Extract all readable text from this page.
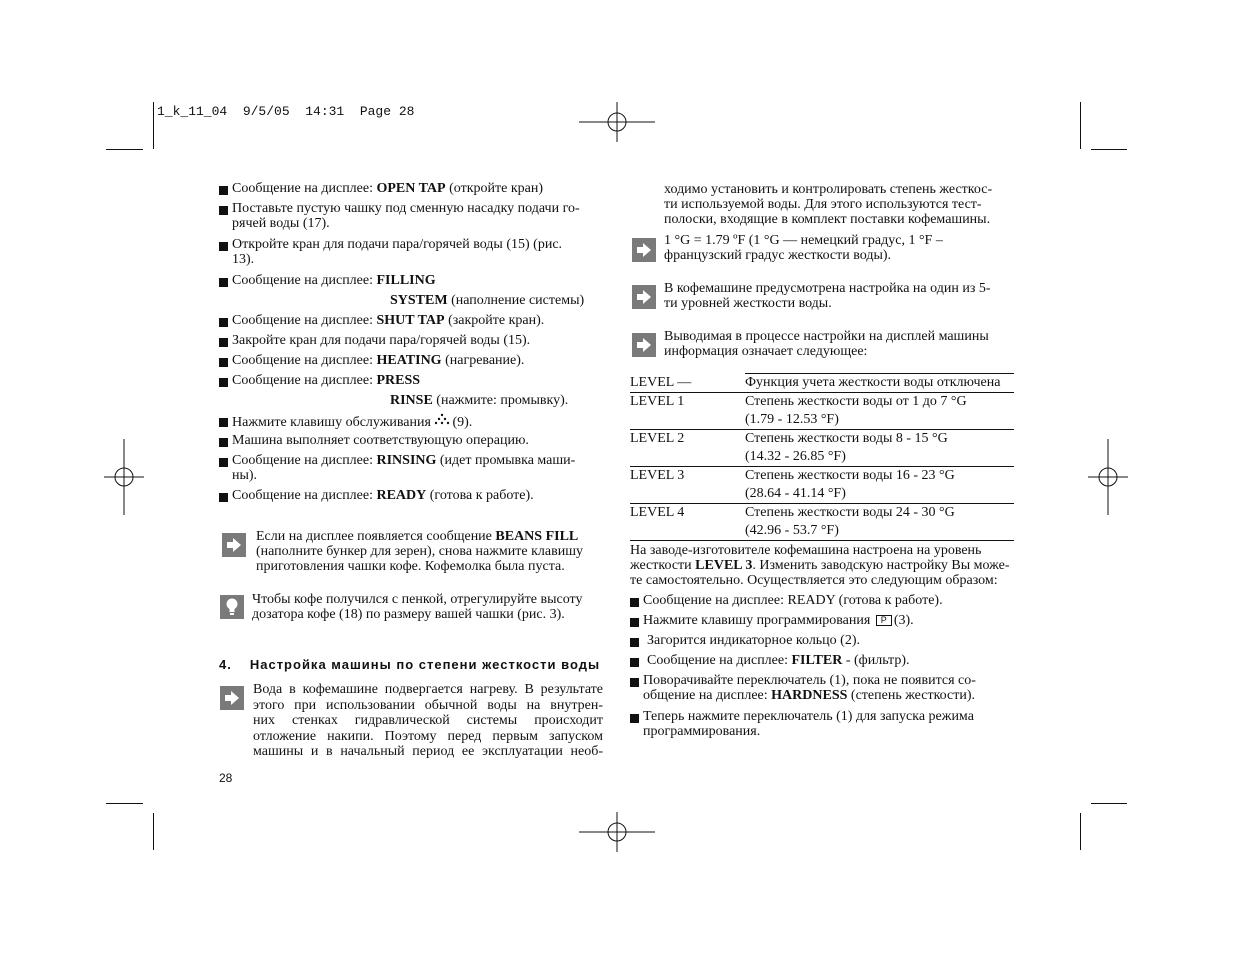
1_k_11_04  9/5/05  14:31  Page 28
Сообщение на дисплее: OPEN TAP (откройте кран)
Поставьте пустую чашку под сменную насадку подачи го-
рячей воды (17).
Откройте кран для подачи пара/горячей воды (15) (рис.
13).
Сообщение на дисплее: FILLING
SYSTEM (наполнение системы)
Сообщение на дисплее: SHUT TAP (закройте кран).
Закройте кран для подачи пара/горячей воды (15).
Сообщение на дисплее: HEATING (нагревание).
Сообщение на дисплее: PRESS
RINSE (нажмите: промывку).
Нажмите клавишу обслуживания (9).
Машина выполняет соответствующую операцию.
Сообщение на дисплее: RINSING (идет промывка маши-
ны).
Сообщение на дисплее: READY (готова к работе).
Если на дисплее появляется сообщение BEANS FILL
(наполните бункер для зерен), снова нажмите клавишу
приготовления чашки кофе. Кофемолка была пуста.
Чтобы кофе получился с пенкой, отрегулируйте высоту
дозатора кофе (18) по размеру вашей чашки (рис. 3).
4. Настройка машины по степени жесткости воды
Вода в кофемашине подвергается нагреву. В результате
этого при использовании обычной воды на внутрен-
них стенках гидравлической системы происходит
отложение накипи. Поэтому перед первым запуском
машины и в начальный период ее эксплуатации необ-
28
ходимо установить и контролировать степень жесткос-
ти используемой воды. Для этого используются тест-
полоски, входящие в комплект поставки кофемашины.
1 °G = 1.79 ºF (1 °G — немецкий градус, 1 °F –
французский градус жесткости воды).
В кофемашине предусмотрена настройка на один из 5-
ти уровней жесткости воды.
Выводимая в процессе настройки на дисплей машины
информация означает следующее:
LEVEL —	Функция учета жесткости воды отключена
LEVEL 1	Степень жесткости воды от 1 до 7 °G
(1.79 - 12.53 °F)
LEVEL 2	Степень жесткости воды 8 - 15 °G
(14.32 - 26.85 °F)
LEVEL 3	Степень жесткости воды 16 - 23 °G
(28.64 - 41.14 °F)
LEVEL 4	Степень жесткости воды 24 - 30 °G
(42.96 - 53.7 °F)
На заводе-изготовителе кофемашина настроена на уровень
жесткости LEVEL 3. Изменить заводскую настройку Вы може-
те самостоятельно. Осуществляется это следующим образом:
Сообщение на дисплее: READY (готова к работе).
Нажмите клавишу программирования P (3).
Загорится индикаторное кольцо (2).
Сообщение на дисплее: FILTER - (фильтр).
Поворачивайте переключатель (1), пока не появится со-
общение на дисплее: HARDNESS (степень жесткости).
Теперь нажмите переключатель (1) для запуска режима
программирования.
